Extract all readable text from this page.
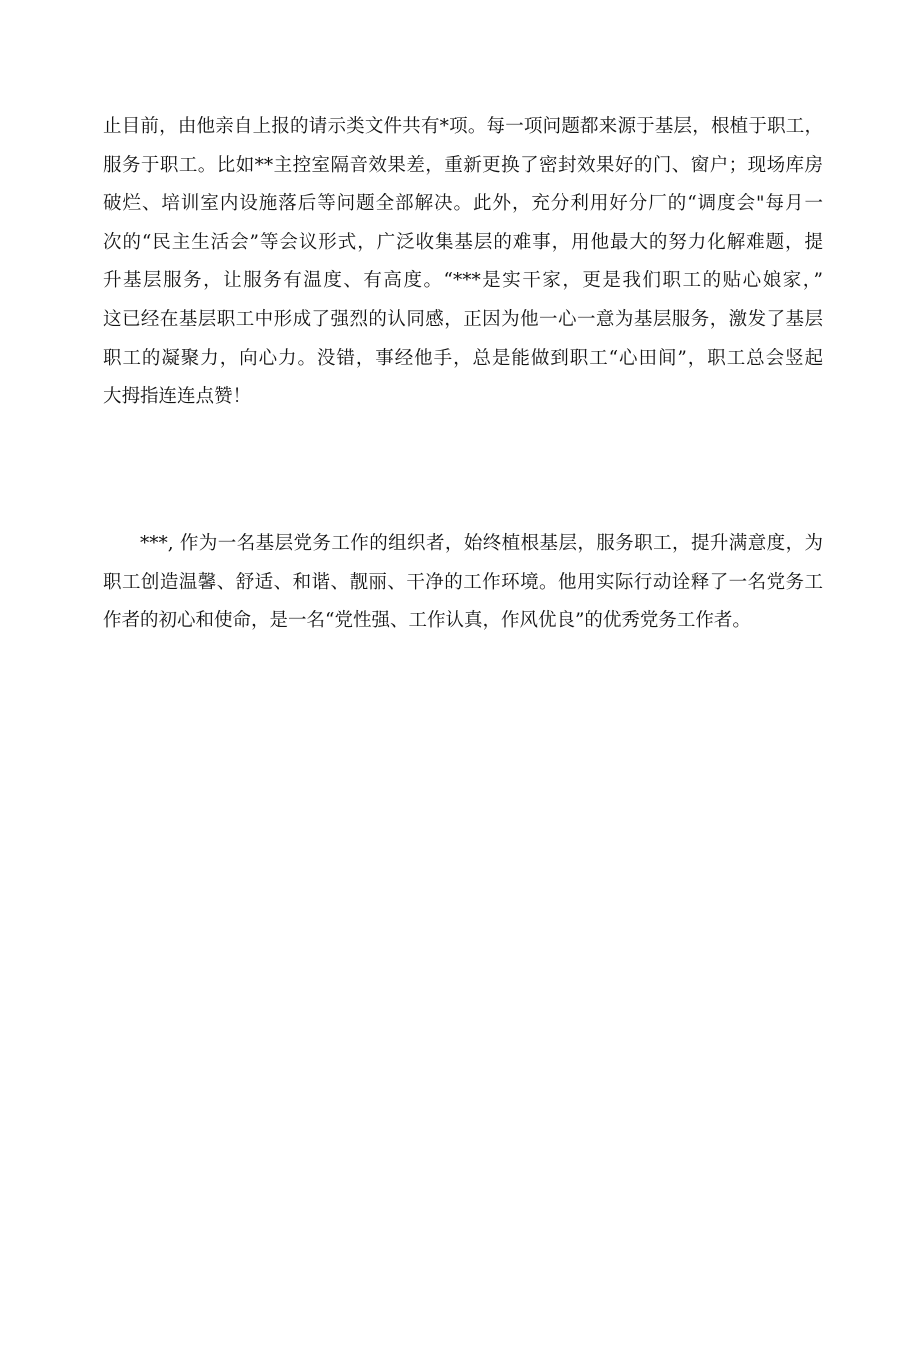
止目前，由他亲自上报的请示类文件共有*项。每一项问题都来源于基层，根植于职工，
服务于职工。比如**主控室隔音效果差，重新更换了密封效果好的门、窗户；现场库房
破烂、培训室内设施落后等问题全部解决。此外，充分利用好分厂的“调度会"每月一
次的“民主生活会”等会议形式，广泛收集基层的难事，用他最大的努力化解难题，提
升基层服务，让服务有温度、有高度。“***是实干家，更是我们职工的贴心娘家，”
这已经在基层职工中形成了强烈的认同感，正因为他一心一意为基层服务，激发了基层
职工的凝聚力，向心力。没错，事经他手，总是能做到职工“心田间”，职工总会竖起
大拇指连连点赞！
***, 作为一名基层党务工作的组织者，始终植根基层，服务职工，提升满意度，为
职工创造温馨、舒适、和谐、靓丽、干净的工作环境。他用实际行动诠释了一名党务工
作者的初心和使命，是一名“党性强、工作认真，作风优良”的优秀党务工作者。
